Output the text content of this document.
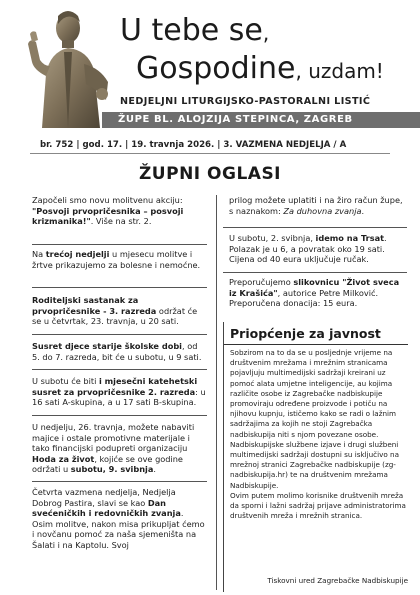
U tebe se,
Gospodine, uzdam!
NEDJELJNI LITURGIJSKO-PASTORALNI LISTIĆ
ŽUPE BL. ALOJZIJA STEPINCA, ZAGREB
br. 752 | god. 17. | 19. travnja 2026. | 3. VAZMENA NEDJELJA / A
ŽUPNI OGLASI

Započeli smo novu molitvenu akciju:
"Posvoji prvopričesnika – posvoji krizmanika!". Više na str. 2.

Na trećoj nedjelji u mjesecu molitve i žrtve prikazujemo za bolesne i nemoćne.

Roditeljski sastanak za prvopričesnike - 3. razreda održat će se u četvrtak, 23. travnja, u 20 sati.

Susret djece starije školske dobi, od 5. do 7. razreda, bit će u subotu, u 9 sati.

U subotu će biti i mjesečni katehetski susret za prvopričesnike 2. razreda: u 16 sati A-skupina, a u 17 sati B-skupina.

U nedjelju, 26. travnja, možete nabaviti majice i ostale promotivne materijale i tako financijski podupreti organizaciju Hoda za život, kojiće se ove godine održati u subotu, 9. svibnja.

Četvrta vazmena nedjelja, Nedjelja Dobrog Pastira, slavi se kao Dan svećeničkih i redovničkih zvanja. Osim molitve, nakon misa prikupljat ćemo i novčanu pomoć za naša sjemeništa na Šalati i na Kaptolu. Svoj

prilog možete uplatiti i na žiro račun župe, s naznakom: Za duhovna zvanja.

U subotu, 2. svibnja, idemo na Trsat. Polazak je u 6, a povratak oko 19 sati. Cijena od 40 eura uključuje ručak.

Preporučujemo slikovnicu "Život sveca iz Krašića", autorice Petre Milković. Preporučena donacija: 15 eura.

Priopćenje za javnost

Sobzirom na to da se u posljednje vrijeme na društvenim mrežama i mrežnim stranicama pojavljuju multimedijski sadržaji kreirani uz pomoć alata umjetne inteligencije, au kojima različite osobe iz Zagrebačke nadbiskupije promoviraju određene proizvode i potiču na njihovu kupnju, ističemo kako se radi o lažnim sadržajima za kojih ne stoji Zagrebačka nadbiskupija niti s njom povezane osobe.

Nadbiskupijske službene izjave i drugi službeni multimedijski sadržaji dostupni su isključivo na mrežnoj stranici Zagrebačke nadbiskupije (zg-nadbiskupija.hr) te na društvenim mrežama Nadbiskupije.

Ovim putem molimo korisnike društvenih mreža da sporni i lažni sadržaj prijave administratorima društvenih mreža i mrežnih stranica.

Tiskovni ured Zagrebačke Nadbiskupije
